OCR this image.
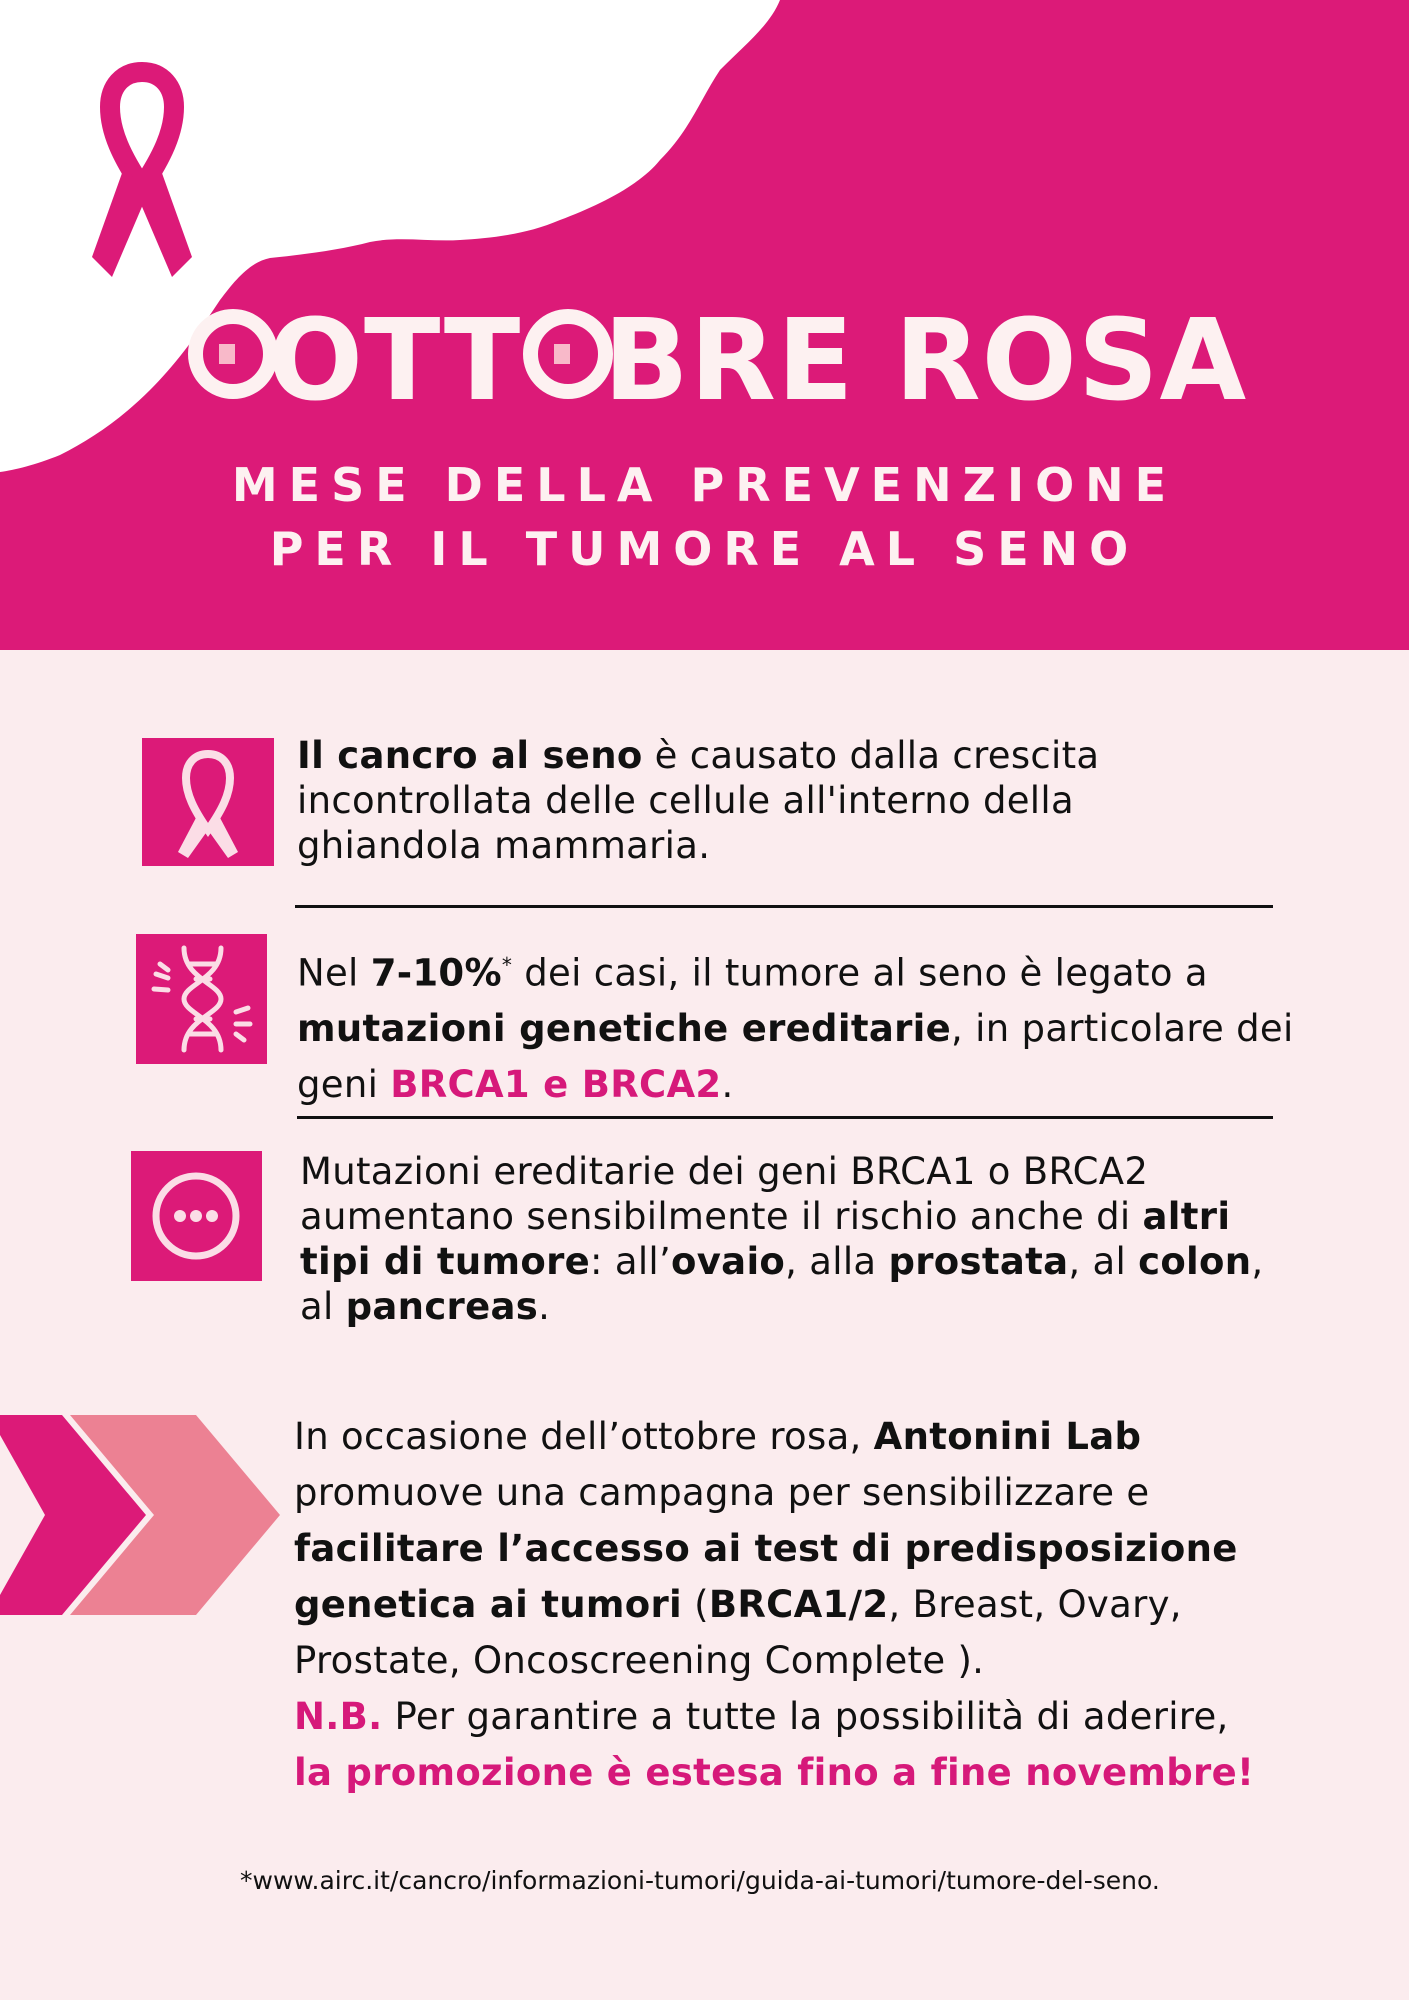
OTT BRE ROSA
MESE DELLA PREVENZIONE
PER IL TUMORE AL SENO
Il cancro al seno è causato dalla crescita incontrollata delle cellule all'interno della ghiandola mammaria.
Nel 7-10%* dei casi, il tumore al seno è legato a mutazioni genetiche ereditarie, in particolare dei geni BRCA1 e BRCA2.
Mutazioni ereditarie dei geni BRCA1 o BRCA2 aumentano sensibilmente il rischio anche di altri tipi di tumore: all’ovaio, alla prostata, al colon, al pancreas.
In occasione dell’ottobre rosa, Antonini Lab promuove una campagna per sensibilizzare e facilitare l’accesso ai test di predisposizione genetica ai tumori (BRCA1/2, Breast, Ovary, Prostate, Oncoscreening Complete ).
N.B. Per garantire a tutte la possibilità di aderire,
la promozione è estesa fino a fine novembre!
*www.airc.it/cancro/informazioni-tumori/guida-ai-tumori/tumore-del-seno.
